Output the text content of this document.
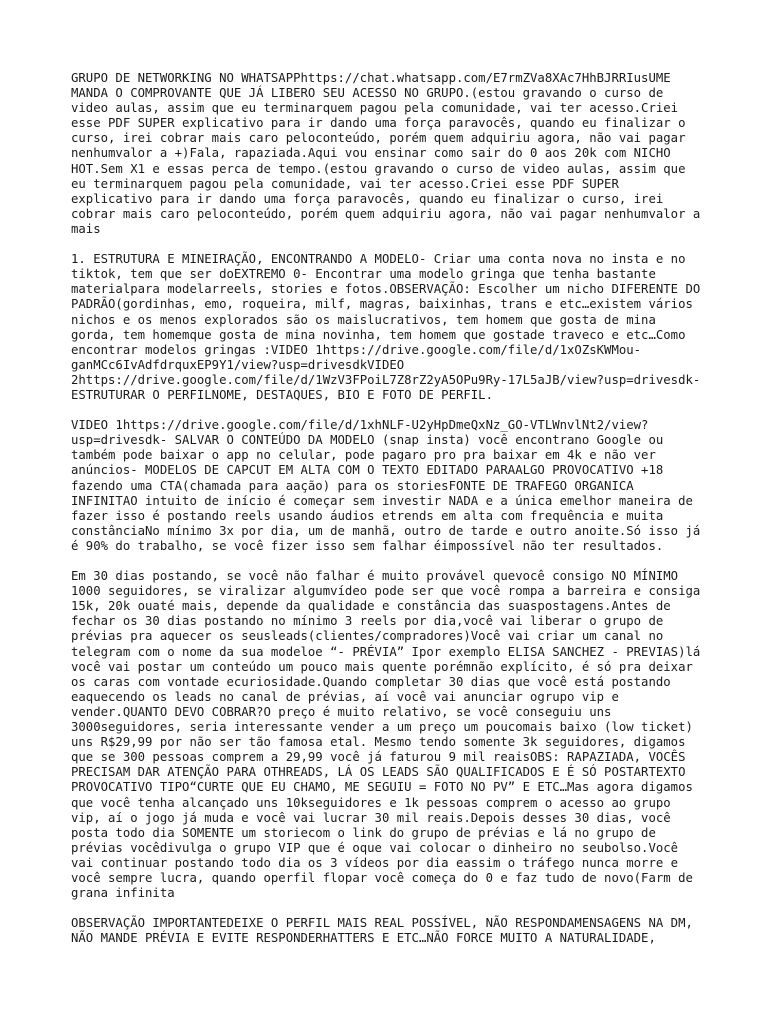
GRUPO DE NETWORKING NO WHATSAPPhttps://chat.whatsapp.com/E7rmZVa8XAc7HhBJRRIusUME MANDA O COMPROVANTE QUE JÁ LIBERO SEU ACESSO NO GRUPO.(estou gravando o curso de video aulas, assim que eu terminarquem pagou pela comunidade, vai ter acesso.Criei esse PDF SUPER explicativo para ir dando uma força paravocês, quando eu finalizar o curso, irei cobrar mais caro peloconteúdo, porém quem adquiriu agora, não vai pagar nenhumvalor a +)Fala, rapaziada.Aqui vou ensinar como sair do 0 aos 20k com NICHO HOT.Sem X1 e essas perca de tempo.(estou gravando o curso de video aulas, assim que eu terminarquem pagou pela comunidade, vai ter acesso.Criei esse PDF SUPER explicativo para ir dando uma força paravocês, quando eu finalizar o curso, irei cobrar mais caro peloconteúdo, porém quem adquiriu agora, não vai pagar nenhumvalor a mais

1. ESTRUTURA E MINEIRAÇÃO, ENCONTRANDO A MODELO- Criar uma conta nova no insta e no tiktok, tem que ser doEXTREMO 0- Encontrar uma modelo gringa que tenha bastante materialpara modelarreels, stories e fotos.OBSERVAÇÃO: Escolher um nicho DIFERENTE DO PADRÃO(gordinhas, emo, roqueira, milf, magras, baixinhas, trans e etc…existem vários nichos e os menos explorados são os maislucrativos, tem homem que gosta de mina gorda, tem homemque gosta de mina novinha, tem homem que gostade traveco e etc…Como encontrar modelos gringas :VIDEO 1https://drive.google.com/file/d/1xOZsKWMou-ganMCc6IvAdfdrquxEP9Y1/view?usp=drivesdkVIDEO 2https://drive.google.com/file/d/1WzV3FPoiL7Z8rZ2yA5OPu9Ry-17L5aJB/view?usp=drivesdk- ESTRUTURAR O PERFILNOME, DESTAQUES, BIO E FOTO DE PERFIL.

VIDEO 1https://drive.google.com/file/d/1xhNLF-U2yHpDmeQxNz_GO-VTLWnvlNt2/view?usp=drivesdk- SALVAR O CONTEÚDO DA MODELO (snap insta) você encontrano Google ou também pode baixar o app no celular, pode pagaro pro pra baixar em 4k e não ver anúncios- MODELOS DE CAPCUT EM ALTA COM O TEXTO EDITADO PARAALGO PROVOCATIVO +18 fazendo uma CTA(chamada para aação) para os storiesFONTE DE TRAFEGO ORGANICA INFINITAO intuito de início é começar sem investir NADA e a única emelhor maneira de fazer isso é postando reels usando áudios etrends em alta com frequência e muita constânciaNo mínimo 3x por dia, um de manhã, outro de tarde e outro anoite.Só isso já é 90% do trabalho, se você fizer isso sem falhar éimpossível não ter resultados.

Em 30 dias postando, se você não falhar é muito provável quevocê consigo NO MÍNIMO 1000 seguidores, se viralizar algumvídeo pode ser que você rompa a barreira e consiga 15k, 20k ouaté mais, depende da qualidade e constância das suaspostagens.Antes de fechar os 30 dias postando no mínimo 3 reels por dia,você vai liberar o grupo de prévias pra aquecer os seusleads(clientes/compradores)Você vai criar um canal no telegram com o nome da sua modeloe “- PRÉVIA” Ipor exemplo ELISA SANCHEZ - PREVIAS)lá você vai postar um conteúdo um pouco mais quente porémnão explícito, é só pra deixar os caras com vontade ecuriosidade.Quando completar 30 dias que você está postando eaquecendo os leads no canal de prévias, aí você vai anunciar ogrupo vip e vender.QUANTO DEVO COBRAR?O preço é muito relativo, se você conseguiu uns 3000seguidores, seria interessante vender a um preço um poucomais baixo (low ticket) uns R$29,99 por não ser tão famosa etal. Mesmo tendo somente 3k seguidores, digamos que se 300 pessoas comprem a 29,99 você já faturou 9 mil reaisOBS: RAPAZIADA, VOCÊS PRECISAM DAR ATENÇÃO PARA OTHREADS, LÁ OS LEADS SÃO QUALIFICADOS E É SÓ POSTARTEXTO PROVOCATIVO TIPO“CURTE QUE EU CHAMO, ME SEGUIU = FOTO NO PV” E ETC…Mas agora digamos que você tenha alcançado uns 10kseguidores e 1k pessoas comprem o acesso ao grupo vip, aí o jogo já muda e você vai lucrar 30 mil reais.Depois desses 30 dias, você posta todo dia SOMENTE um storiecom o link do grupo de prévias e lá no grupo de prévias vocêdivulga o grupo VIP que é oque vai colocar o dinheiro no seubolso.Você vai continuar postando todo dia os 3 vídeos por dia eassim o tráfego nunca morre e você sempre lucra, quando operfil flopar você começa do 0 e faz tudo de novo(Farm de grana infinita

OBSERVAÇÃO IMPORTANTEDEIXE O PERFIL MAIS REAL POSSÍVEL, NÃO RESPONDAMENSAGENS NA DM, NÃO MANDE PRÉVIA E EVITE RESPONDERHATTERS E ETC…NÃO FORCE MUITO A NATURALIDADE,
